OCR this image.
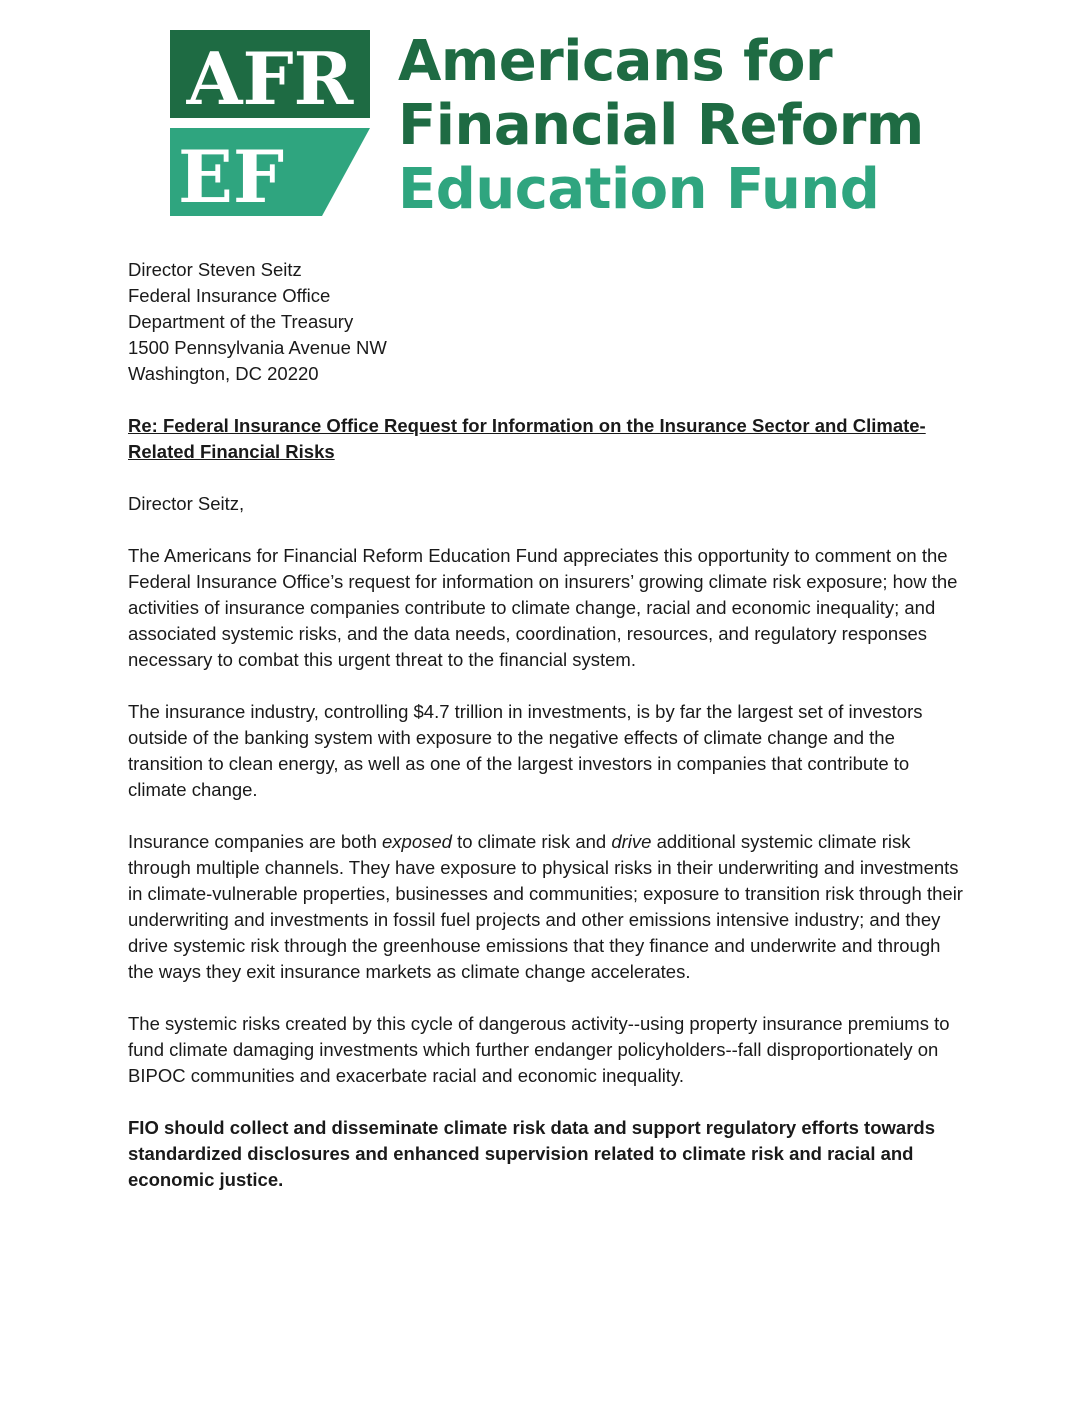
AFR
EF
Americans for
Financial Reform
Education Fund

Director Steven Seitz

Federal Insurance Office

Department of the Treasury

1500 Pennsylvania Avenue NW

Washington, DC 20220

Re: Federal Insurance Office Request for Information on the Insurance Sector and Climate-Related Financial Risks

Director Seitz,

The Americans for Financial Reform Education Fund appreciates this opportunity to comment on the Federal Insurance Office’s request for information on insurers’ growing climate risk exposure; how the activities of insurance companies contribute to climate change, racial and economic inequality; and associated systemic risks, and the data needs, coordination, resources, and regulatory responses necessary to combat this urgent threat to the financial system.

The insurance industry, controlling $4.7 trillion in investments, is by far the largest set of investors outside of the banking system with exposure to the negative effects of climate change and the transition to clean energy, as well as one of the largest investors in companies that contribute to climate change.

Insurance companies are both exposed to climate risk and drive additional systemic climate risk through multiple channels. They have exposure to physical risks in their underwriting and investments in climate-vulnerable properties, businesses and communities; exposure to transition risk through their underwriting and investments in fossil fuel projects and other emissions intensive industry; and they drive systemic risk through the greenhouse emissions that they finance and underwrite and through the ways they exit insurance markets as climate change accelerates.

The systemic risks created by this cycle of dangerous activity--using property insurance premiums to fund climate damaging investments which further endanger policyholders--fall disproportionately on BIPOC communities and exacerbate racial and economic inequality.

FIO should collect and disseminate climate risk data and support regulatory efforts towards standardized disclosures and enhanced supervision related to climate risk and racial and economic justice.
